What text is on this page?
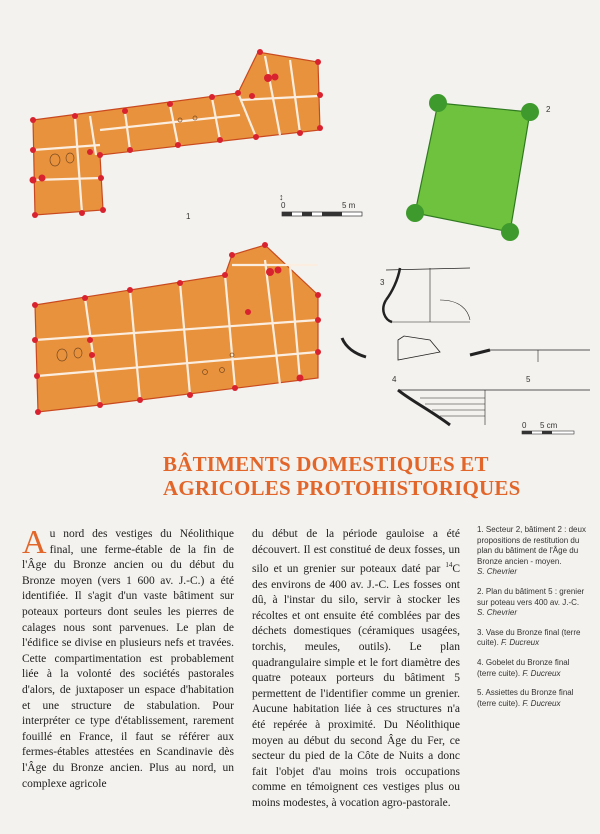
1
↕
0	5 m
2
3
4	5
0 5 cm
BÂTIMENTS DOMESTIQUES ET AGRICOLES PROTOHISTORIQUES
Au nord des vestiges du Néolithique final, une ferme-étable de la fin de l'Âge du Bronze ancien ou du début du Bronze moyen (vers 1 600 av. J.-C.) a été identifiée. Il s'agit d'un vaste bâtiment sur poteaux porteurs dont seules les pierres de calages nous sont parvenues. Le plan de l'édifice se divise en plusieurs nefs et travées. Cette compartimentation est probablement liée à la volonté des sociétés pastorales d'alors, de juxtaposer un espace d'habitation et une structure de stabulation. Pour interpréter ce type d'établissement, rarement fouillé en France, il faut se référer aux fermes-étables attestées en Scandinavie dès l'Âge du Bronze ancien. Plus au nord, un complexe agricole
du début de la période gauloise a été découvert. Il est constitué de deux fosses, un silo et un grenier sur poteaux daté par $^{14}$C des environs de 400 av. J.-C. Les fosses ont dû, à l'instar du silo, servir à stocker les récoltes et ont ensuite été comblées par des déchets domestiques (céramiques usagées, torchis, meules, outils). Le plan quadrangulaire simple et le fort diamètre des quatre poteaux porteurs du bâtiment 5 permettent de l'identifier comme un grenier. Aucune habitation liée à ces structures n'a été repérée à proximité. Du Néolithique moyen au début du second Âge du Fer, ce secteur du pied de la Côte de Nuits a donc fait l'objet d'au moins trois occupations comme en témoignent ces vestiges plus ou moins modestes, à vocation agro-pastorale.

1. Secteur 2, bâtiment 2 : deux propositions de restitution du plan du bâtiment de l'Âge du Bronze ancien - moyen.
S. Chevrier

2. Plan du bâtiment 5 : grenier sur poteau vers 400 av. J.-C.
S. Chevrier

3. Vase du Bronze final (terre cuite). F. Ducreux

4. Gobelet du Bronze final (terre cuite). F. Ducreux

5. Assiettes du Bronze final (terre cuite). F. Ducreux
